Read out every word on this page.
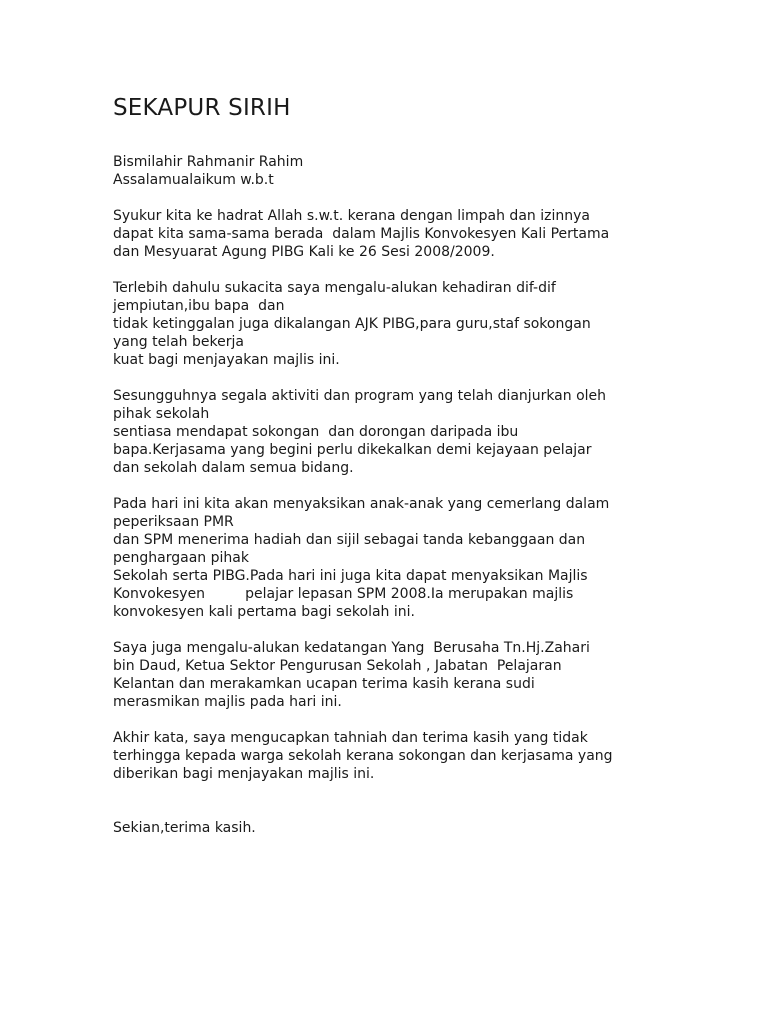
SEKAPUR SIRIH

Bismilahir Rahmanir Rahim
Assalamualaikum w.b.t

Syukur kita ke hadrat Allah s.w.t. kerana dengan limpah dan izinnya
dapat kita sama-sama berada  dalam Majlis Konvokesyen Kali Pertama
dan Mesyuarat Agung PIBG Kali ke 26 Sesi 2008/2009.

Terlebih dahulu sukacita saya mengalu-alukan kehadiran dif-dif
jempiutan,ibu bapa  dan
tidak ketinggalan juga dikalangan AJK PIBG,para guru,staf sokongan
yang telah bekerja
kuat bagi menjayakan majlis ini.

Sesungguhnya segala aktiviti dan program yang telah dianjurkan oleh
pihak sekolah
sentiasa mendapat sokongan  dan dorongan daripada ibu
bapa.Kerjasama yang begini perlu dikekalkan demi kejayaan pelajar
dan sekolah dalam semua bidang.

Pada hari ini kita akan menyaksikan anak-anak yang cemerlang dalam
peperiksaan PMR
dan SPM menerima hadiah dan sijil sebagai tanda kebanggaan dan
penghargaan pihak
Sekolah serta PIBG.Pada hari ini juga kita dapat menyaksikan Majlis
Konvokesyen         pelajar lepasan SPM 2008.Ia merupakan majlis
konvokesyen kali pertama bagi sekolah ini.

Saya juga mengalu-alukan kedatangan Yang  Berusaha Tn.Hj.Zahari
bin Daud, Ketua Sektor Pengurusan Sekolah , Jabatan  Pelajaran
Kelantan dan merakamkan ucapan terima kasih kerana sudi
merasmikan majlis pada hari ini.

Akhir kata, saya mengucapkan tahniah dan terima kasih yang tidak
terhingga kepada warga sekolah kerana sokongan dan kerjasama yang
diberikan bagi menjayakan majlis ini.

Sekian,terima kasih.
